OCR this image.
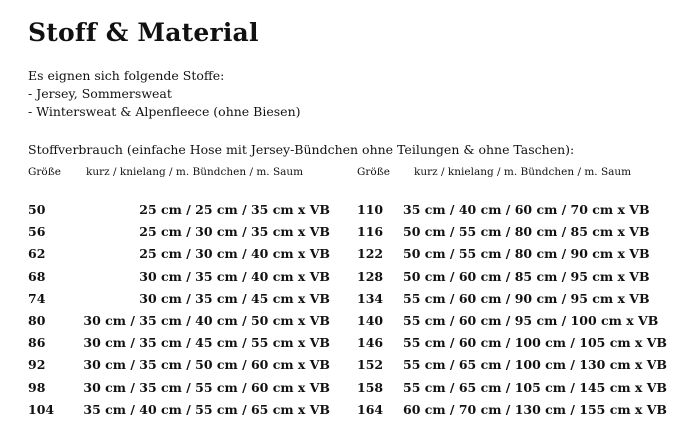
Stoff & Material
Es eignen sich folgende Stoffe:
- Jersey, Sommersweat
- Wintersweat & Alpenfleece (ohne Biesen)
Stoffverbrauch (einfache Hose mit Jersey-Bündchen ohne Teilungen & ohne Taschen):
Größe kurz / knielang / m. Bündchen / m. Saum	Größe kurz / knielang / m. Bündchen / m. Saum
50	25 cm / 25 cm / 35 cm x VB
56	25 cm / 30 cm / 35 cm x VB
62	25 cm / 30 cm / 40 cm x VB
68	30 cm / 35 cm / 40 cm x VB
74	30 cm / 35 cm / 45 cm x VB
80	30 cm / 35 cm / 40 cm / 50 cm x VB
86	30 cm / 35 cm / 45 cm / 55 cm x VB
92	30 cm / 35 cm / 50 cm / 60 cm x VB
98	30 cm / 35 cm / 55 cm / 60 cm x VB
104 35 cm / 40 cm / 55 cm / 65 cm x VB
110 35 cm / 40 cm / 60 cm / 70 cm x VB
116 50 cm / 55 cm / 80 cm / 85 cm x VB
122 50 cm / 55 cm / 80 cm / 90 cm x VB
128 50 cm / 60 cm / 85 cm / 95 cm x VB
134 55 cm / 60 cm / 90 cm / 95 cm x VB
140 55 cm / 60 cm / 95 cm / 100 cm x VB
146 55 cm / 60 cm / 100 cm / 105 cm x VB
152 55 cm / 65 cm / 100 cm / 130 cm x VB
158 55 cm / 65 cm / 105 cm / 145 cm x VB
164 60 cm / 70 cm / 130 cm / 155 cm x VB
